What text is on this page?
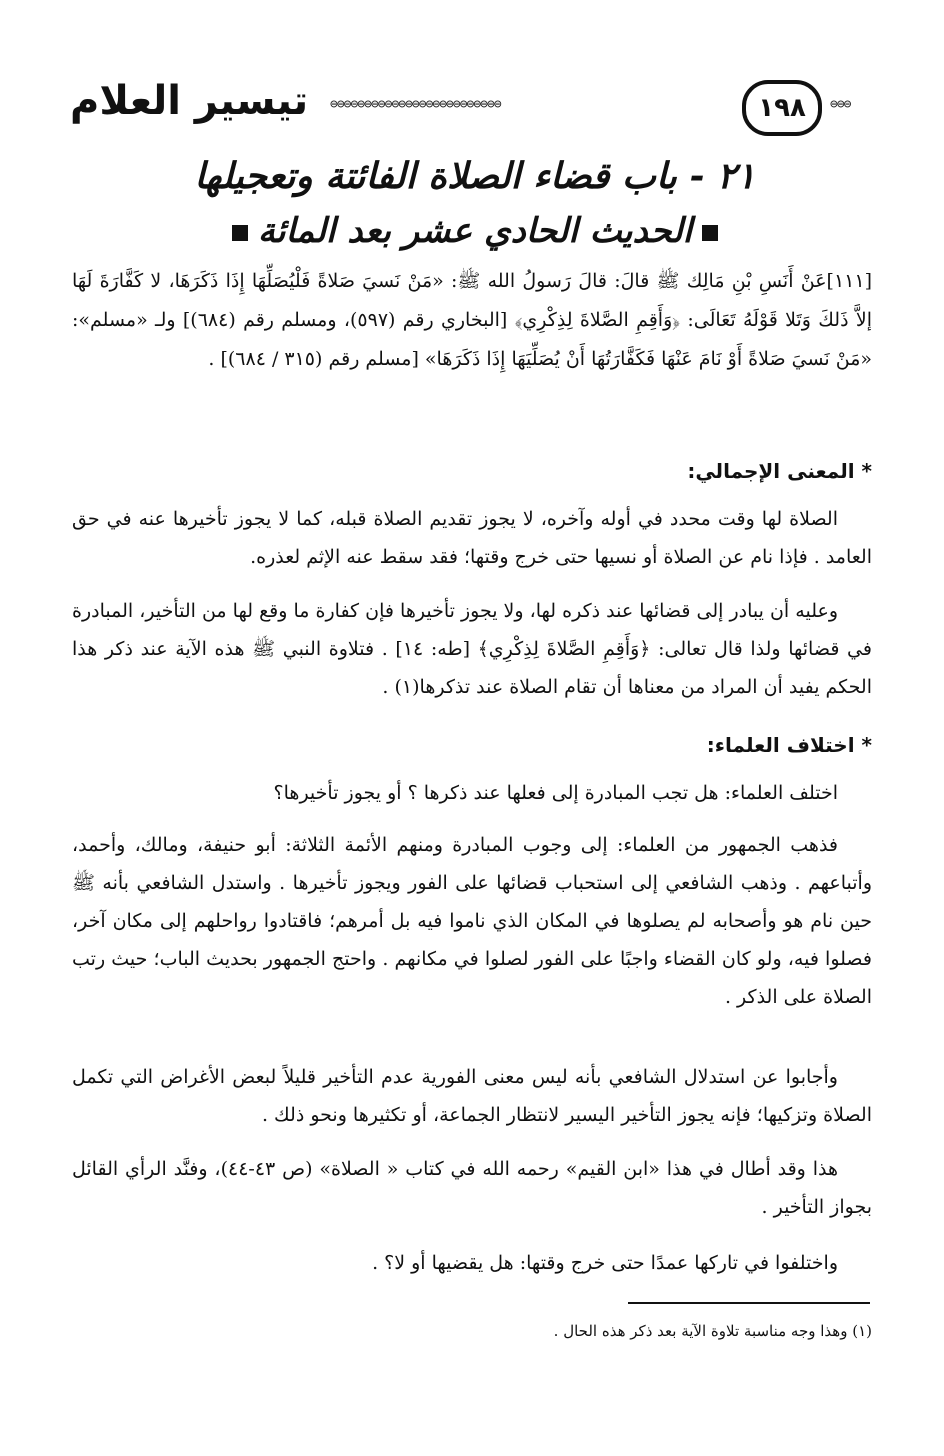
تيسير العلام ⊜⊜⊜⊜⊜⊜⊜⊜⊜⊜⊜⊜⊜⊜⊜⊜⊜⊜⊜⊜⊜⊜⊜⊜⊜	١٩٨	⊜⊜⊜
٢١ - باب قضاء الصلاة الفائتة وتعجيلها
الحديث الحادي عشر بعد المائة

[١١١]عَنْ أَنَسِ بْنِ مَالِك ﷺ قالَ: قالَ رَسولُ الله ﷺ: «مَنْ نَسيَ صَلاةً فَلْيُصَلِّهَا إِذَا ذَكَرَهَا، لا كَفَّارَةَ لَهَا إلاَّ ذَلكَ وَتَلا قَوْلَهُ تَعَالَى: ﴿وَأَقِمِ الصَّلاةَ لِذِكْرِي﴾ [البخاري رقم (٥٩٧)، ومسلم رقم (٦٨٤)] ولـ «مسلم»: «مَنْ نَسيَ صَلاةً أَوْ نَامَ عَنْهَا فَكَفَّارَتُهَا أَنْ يُصَلِّيَهَا إِذَا ذَكَرَهَا» [مسلم رقم (٣١٥ / ٦٨٤)] .

* المعنى الإجمالي:

الصلاة لها وقت محدد في أوله وآخره، لا يجوز تقديم الصلاة قبله، كما لا يجوز تأخيرها عنه في حق العامد . فإذا نام عن الصلاة أو نسيها حتى خرج وقتها؛ فقد سقط عنه الإثم لعذره.

وعليه أن يبادر إلى قضائها عند ذكره لها، ولا يجوز تأخيرها فإن كفارة ما وقع لها من التأخير، المبادرة في قضائها ولذا قال تعالى: ﴿وَأَقِمِ الصَّلاةَ لِذِكْرِي﴾ [طه: ١٤] . فتلاوة النبي ﷺ هذه الآية عند ذكر هذا الحكم يفيد أن المراد من معناها أن تقام الصلاة عند تذكرها(١) .

* اختلاف العلماء:

اختلف العلماء: هل تجب المبادرة إلى فعلها عند ذكرها ؟ أو يجوز تأخيرها؟

فذهب الجمهور من العلماء: إلى وجوب المبادرة ومنهم الأئمة الثلاثة: أبو حنيفة، ومالك، وأحمد، وأتباعهم . وذهب الشافعي إلى استحباب قضائها على الفور ويجوز تأخيرها . واستدل الشافعي بأنه ﷺ حين نام هو وأصحابه لم يصلوها في المكان الذي ناموا فيه بل أمرهم؛ فاقتادوا رواحلهم إلى مكان آخر، فصلوا فيه، ولو كان القضاء واجبًا على الفور لصلوا في مكانهم . واحتج الجمهور بحديث الباب؛ حيث رتب الصلاة على الذكر .

وأجابوا عن استدلال الشافعي بأنه ليس معنى الفورية عدم التأخير قليلاً لبعض الأغراض التي تكمل الصلاة وتزكيها؛ فإنه يجوز التأخير اليسير لانتظار الجماعة، أو تكثيرها ونحو ذلك .

هذا وقد أطال في هذا «ابن القيم» رحمه الله في كتاب « الصلاة» (ص ٤٣-٤٤)، وفنَّد الرأي القائل بجواز التأخير .

واختلفوا في تاركها عمدًا حتى خرج وقتها: هل يقضيها أو لا؟ .

(١) وهذا وجه مناسبة تلاوة الآية بعد ذكر هذه الحال .
